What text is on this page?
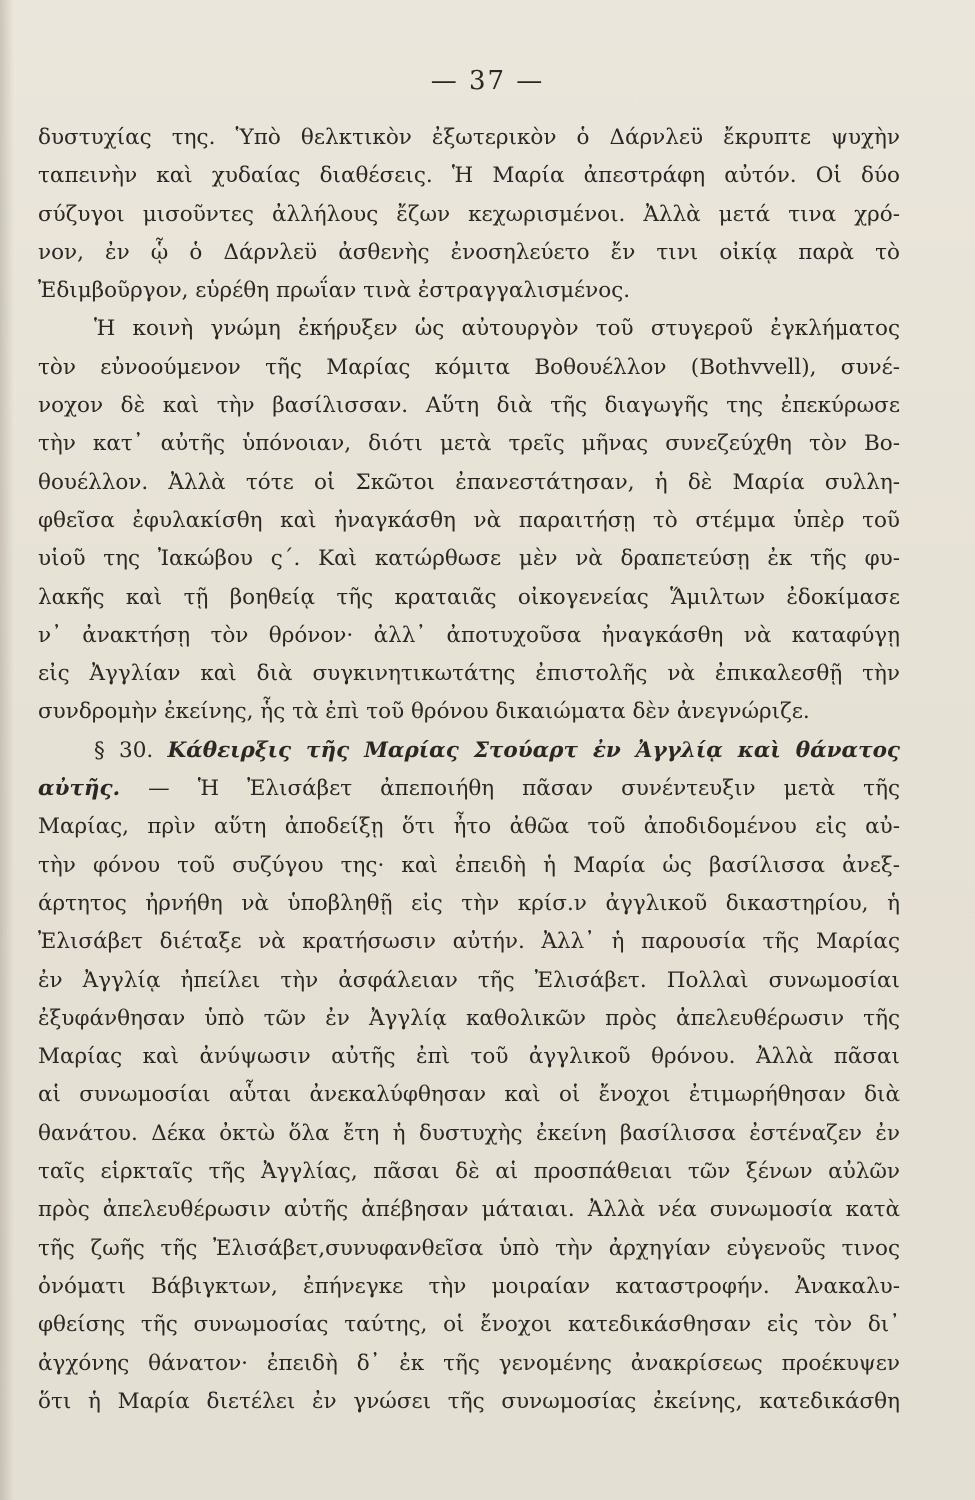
— 37 —
δυστυχίας της. Ὑπὸ θελκτικὸν ἐξωτερικὸν ὁ Δάρνλεϋ ἔκρυπτε ψυχὴν
ταπεινὴν καὶ χυδαίας διαθέσεις. Ἡ Μαρία ἀπεστράφη αὐτόν. Οἱ δύο
σύζυγοι μισοῦντες ἀλλήλους ἔζων κεχωρισμένοι. Ἀλλὰ μετά τινα χρό-
νον, ἐν ᾧ ὁ Δάρνλεϋ ἀσθενὴς ἐνοσηλεύετο ἔν τινι οἰκίᾳ παρὰ τὸ
Ἐδιμβοῦργον, εὑρέθη πρωΐαν τινὰ ἐστραγγαλισμένος.
Ἡ κοινὴ γνώμη ἐκήρυξεν ὡς αὐτουργὸν τοῦ στυγεροῦ ἐγκλήματος
τὸν εὐνοούμενον τῆς Μαρίας κόμιτα Βοθουέλλον (Bothvvell), συνέ-
νοχον δὲ καὶ τὴν βασίλισσαν. Αὕτη διὰ τῆς διαγωγῆς της ἐπεκύρωσε
τὴν κατ᾽ αὐτῆς ὑπόνοιαν, διότι μετὰ τρεῖς μῆνας συνεζεύχθη τὸν Βο-
θουέλλον. Ἀλλὰ τότε οἱ Σκῶτοι ἐπανεστάτησαν, ἡ δὲ Μαρία συλλη-
φθεῖσα ἐφυλακίσθη καὶ ἠναγκάσθη νὰ παραιτήσῃ τὸ στέμμα ὑπὲρ τοῦ
υἱοῦ της Ἰακώβου ς΄. Καὶ κατώρθωσε μὲν νὰ δραπετεύσῃ ἐκ τῆς φυ-
λακῆς καὶ τῇ βοηθείᾳ τῆς κραταιᾶς οἰκογενείας Ἅμιλτων ἐδοκίμασε
ν᾽ ἀνακτήσῃ τὸν θρόνον· ἀλλ᾽ ἀποτυχοῦσα ἠναγκάσθη νὰ καταφύγῃ
εἰς Ἀγγλίαν καὶ διὰ συγκινητικωτάτης ἐπιστολῆς νὰ ἐπικαλεσθῇ τὴν
συνδρομὴν ἐκείνης, ἧς τὰ ἐπὶ τοῦ θρόνου δικαιώματα δὲν ἀνεγνώριζε.
§ 30. Κάθειρξις τῆς Μαρίας Στούαρτ ἐν Ἀγγλίᾳ καὶ θάνατος
αὐτῆς. — Ἡ Ἐλισάβετ ἀπεποιήθη πᾶσαν συνέντευξιν μετὰ τῆς
Μαρίας, πρὶν αὕτη ἀποδείξῃ ὅτι ἦτο ἀθῶα τοῦ ἀποδιδομένου εἰς αὐ-
τὴν φόνου τοῦ συζύγου της· καὶ ἐπειδὴ ἡ Μαρία ὡς βασίλισσα ἀνεξ-
άρτητος ἠρνήθη νὰ ὑποβληθῇ εἰς τὴν κρίσ.ν ἀγγλικοῦ δικαστηρίου, ἡ
Ἐλισάβετ διέταξε νὰ κρατήσωσιν αὐτήν. Ἀλλ᾽ ἡ παρουσία τῆς Μαρίας
ἐν Ἀγγλίᾳ ἠπείλει τὴν ἀσφάλειαν τῆς Ἐλισάβετ. Πολλαὶ συνωμοσίαι
ἐξυφάνθησαν ὑπὸ τῶν ἐν Ἀγγλίᾳ καθολικῶν πρὸς ἀπελευθέρωσιν τῆς
Μαρίας καὶ ἀνύψωσιν αὐτῆς ἐπὶ τοῦ ἀγγλικοῦ θρόνου. Ἀλλὰ πᾶσαι
αἱ συνωμοσίαι αὗται ἀνεκαλύφθησαν καὶ οἱ ἔνοχοι ἐτιμωρήθησαν διὰ
θανάτου. Δέκα ὀκτὼ ὅλα ἔτη ἡ δυστυχὴς ἐκείνη βασίλισσα ἐστέναζεν ἐν
ταῖς εἱρκταῖς τῆς Ἀγγλίας, πᾶσαι δὲ αἱ προσπάθειαι τῶν ξένων αὐλῶν
πρὸς ἀπελευθέρωσιν αὐτῆς ἀπέβησαν μάταιαι. Ἀλλὰ νέα συνωμοσία κατὰ
τῆς ζωῆς τῆς Ἐλισάβετ,συνυφανθεῖσα ὑπὸ τὴν ἀρχηγίαν εὐγενοῦς τινος
ὀνόματι Βάβιγκτων, ἐπήνεγκε τὴν μοιραίαν καταστροφήν. Ἀνακαλυ-
φθείσης τῆς συνωμοσίας ταύτης, οἱ ἔνοχοι κατεδικάσθησαν εἰς τὸν δι᾽
ἀγχόνης θάνατον· ἐπειδὴ δ᾽ ἐκ τῆς γενομένης ἀνακρίσεως προέκυψεν
ὅτι ἡ Μαρία διετέλει ἐν γνώσει τῆς συνωμοσίας ἐκείνης, κατεδικάσθη
